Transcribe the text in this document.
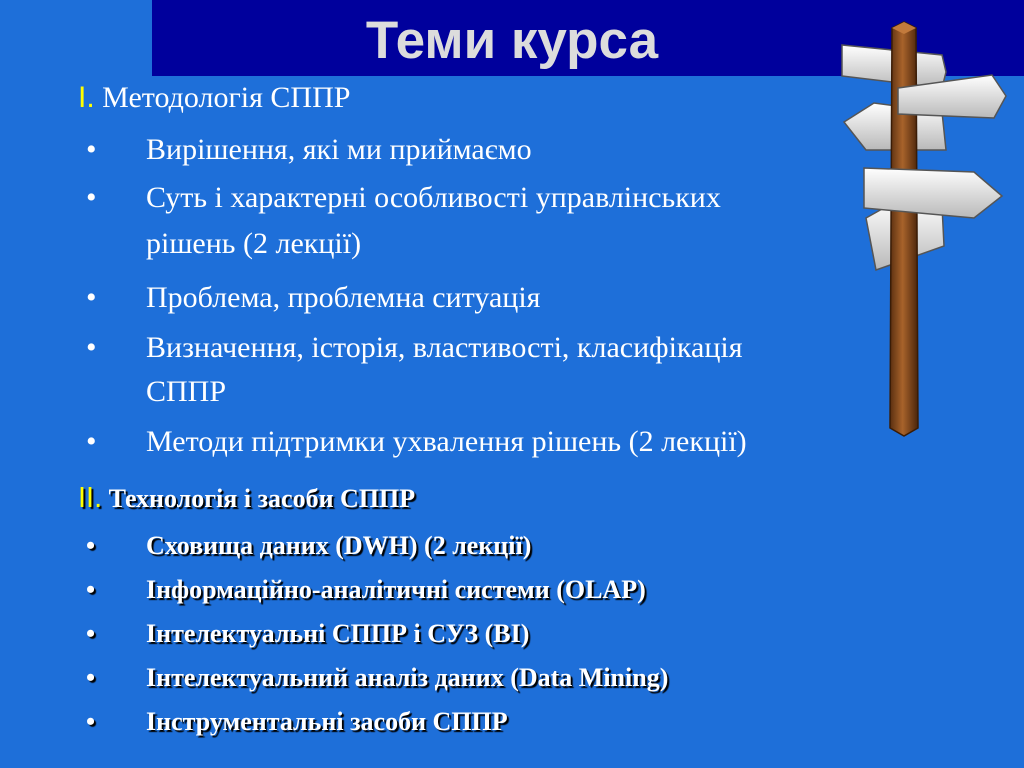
Теми курса
I. Методологія СППР
• Вирішення, які ми приймаємо
• Суть і характерні особливості управлінських
рішень (2 лекції)
• Проблема, проблемна ситуація
• Визначення, історія, властивості, класифікація
СППР
• Методи підтримки ухвалення рішень (2 лекції)
II. Технологія і засоби СППР
• Сховища даних (DWH) (2 лекції)
• Інформаційно-аналітичні системи (OLAP)
• Інтелектуальні СППР і СУЗ (BI)
• Інтелектуальний аналіз даних (Data Mining)
• Інструментальні засоби СППР
